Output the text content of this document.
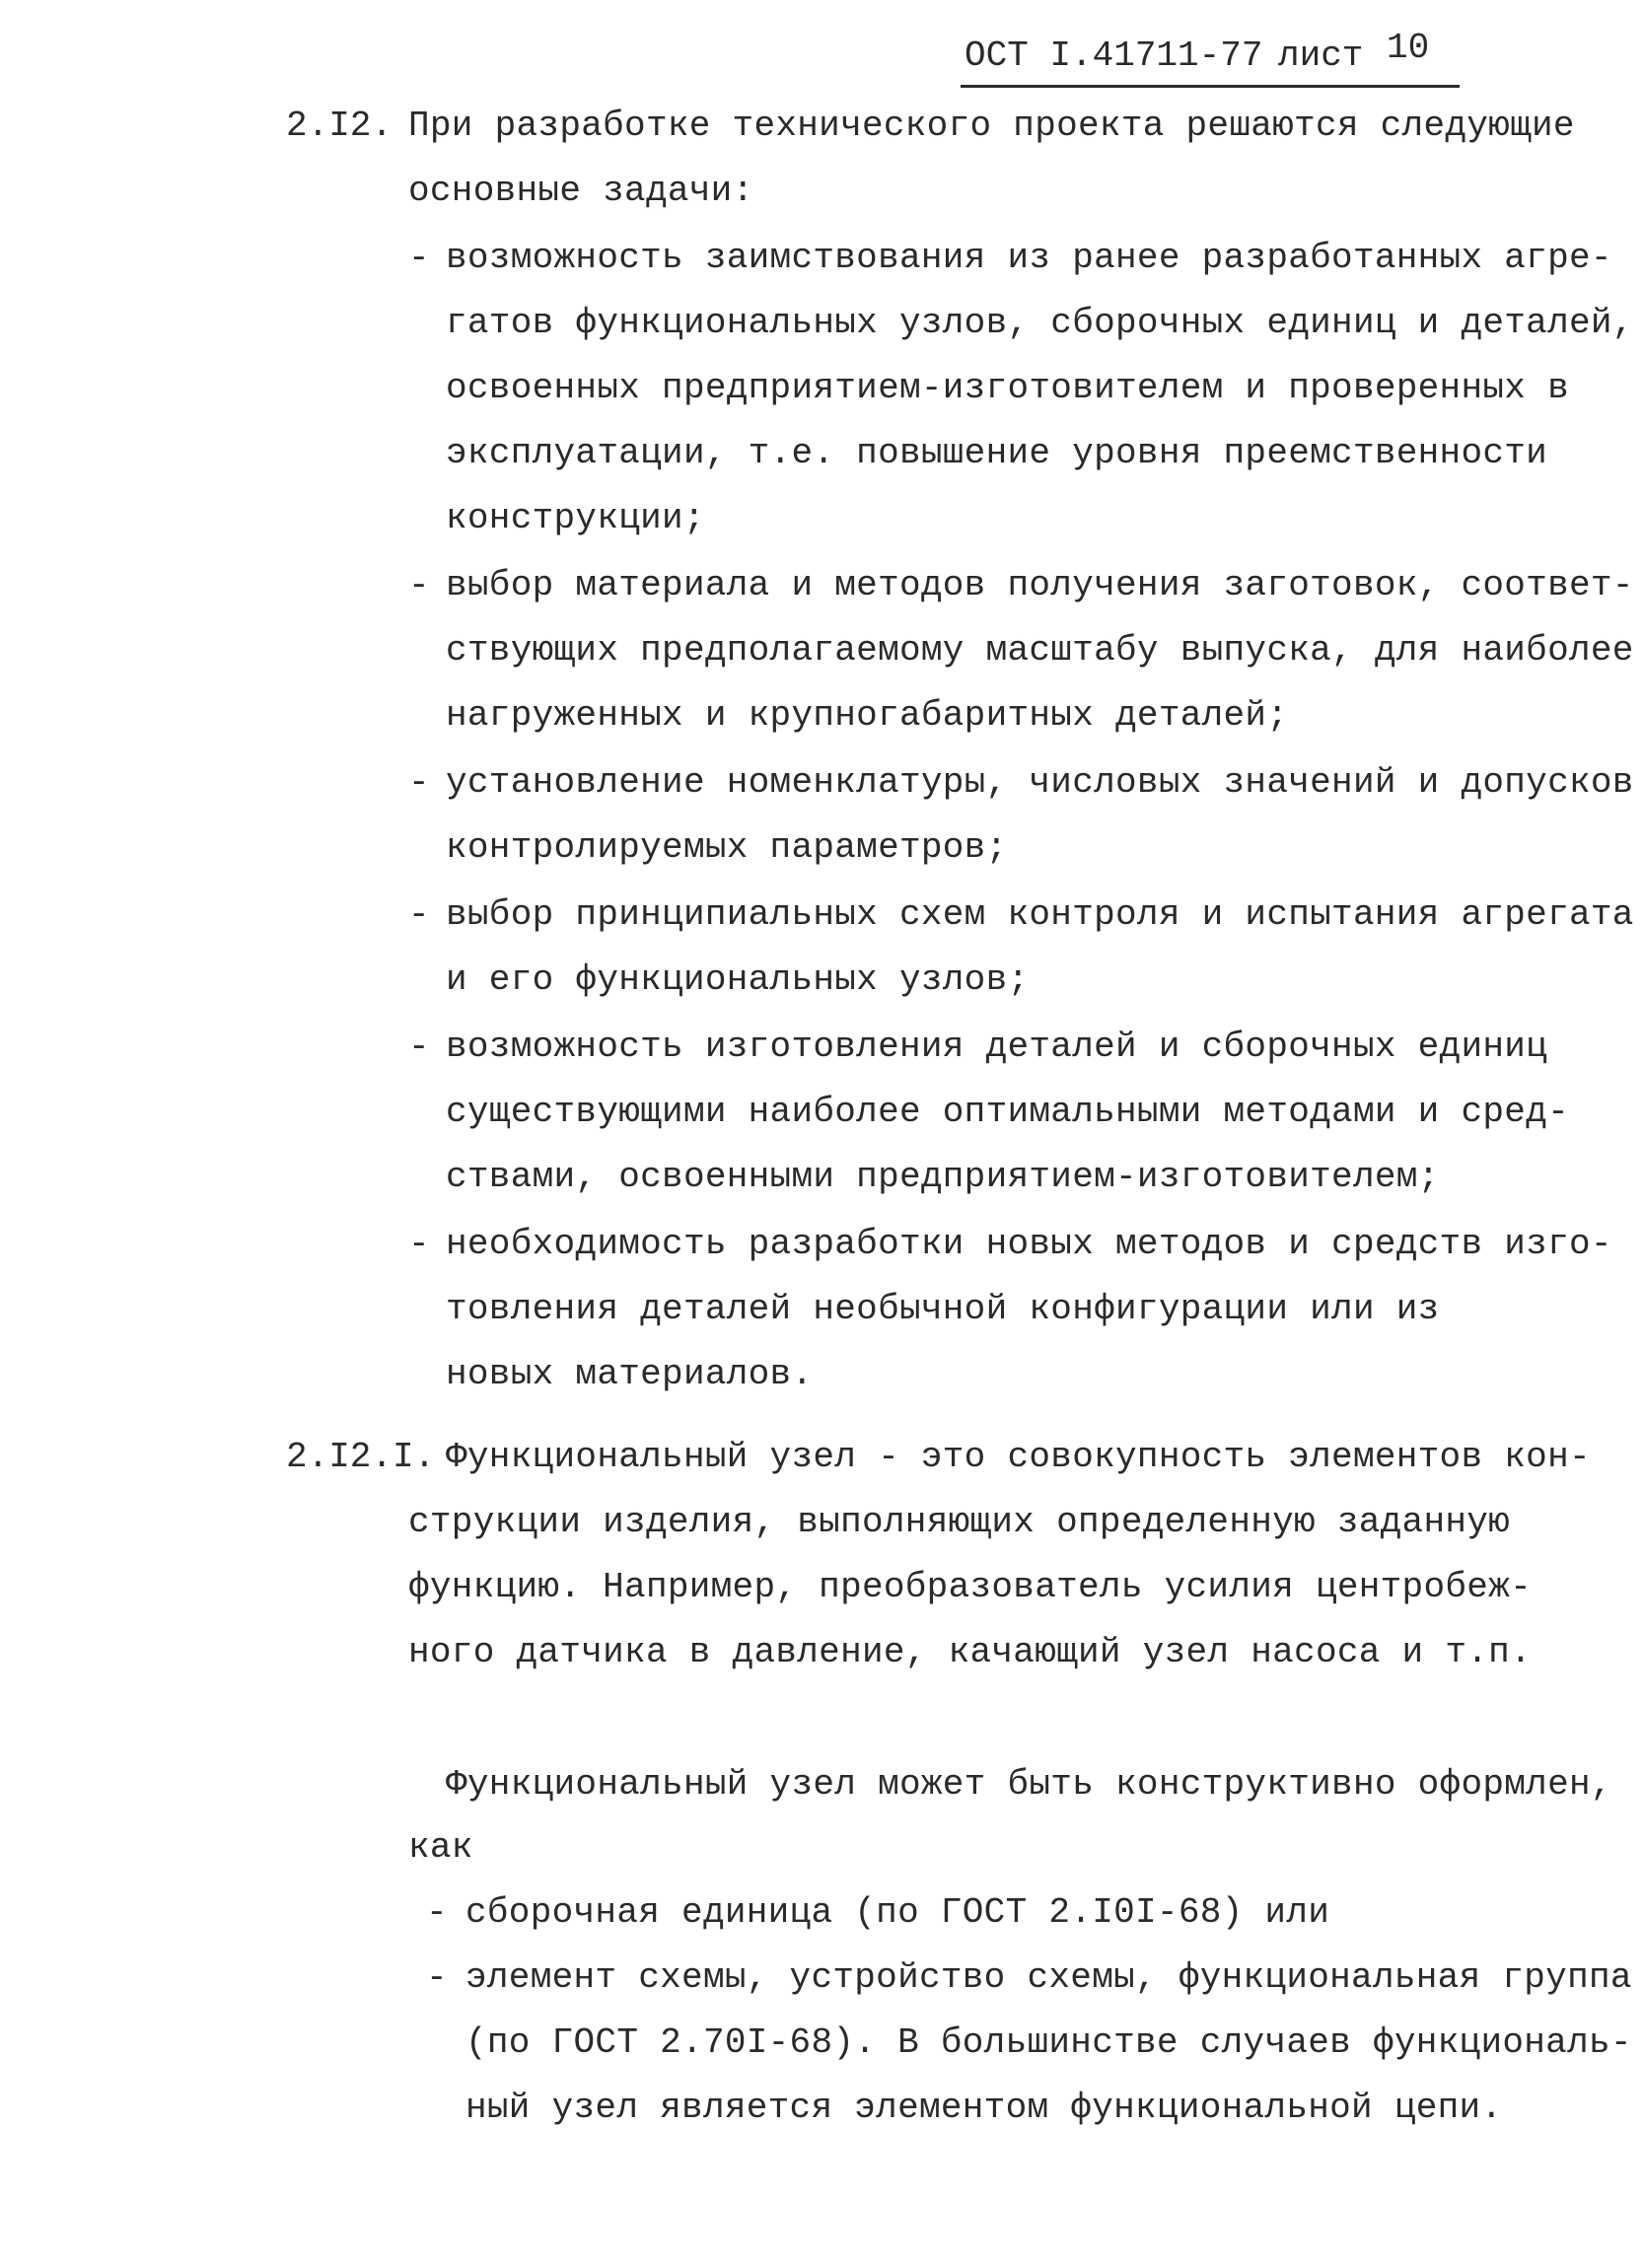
ОСТ I.41711-77 лист 10
2.I2. При разработке технического проекта решаются следующие
основные задачи:
- возможность заимствования из ранее разработанных агре-
гатов функциональных узлов, сборочных единиц и деталей,
освоенных предприятием-изготовителем и проверенных в
эксплуатации, т.е. повышение уровня преемственности
конструкции;
- выбор материала и методов получения заготовок, соответ-
ствующих предполагаемому масштабу выпуска, для наиболее
нагруженных и крупногабаритных деталей;
- установление номенклатуры, числовых значений и допусков
контролируемых параметров;
- выбор принципиальных схем контроля и испытания агрегата
и его функциональных узлов;
- возможность изготовления деталей и сборочных единиц
существующими наиболее оптимальными методами и сред-
ствами, освоенными предприятием-изготовителем;
- необходимость разработки новых методов и средств изго-
товления деталей необычной конфигурации или из
новых материалов.
2.I2.I. Функциональный узел - это совокупность элементов кон-
струкции изделия, выполняющих определенную заданную
функцию. Например, преобразователь усилия центробеж-
ного датчика в давление, качающий узел насоса и т.п.
Функциональный узел может быть конструктивно оформлен,
как
- сборочная единица (по ГОСТ 2.I0I-68) или
- элемент схемы, устройство схемы, функциональная группа
(по ГОСТ 2.70I-68). В большинстве случаев функциональ-
ный узел является элементом функциональной цепи.
